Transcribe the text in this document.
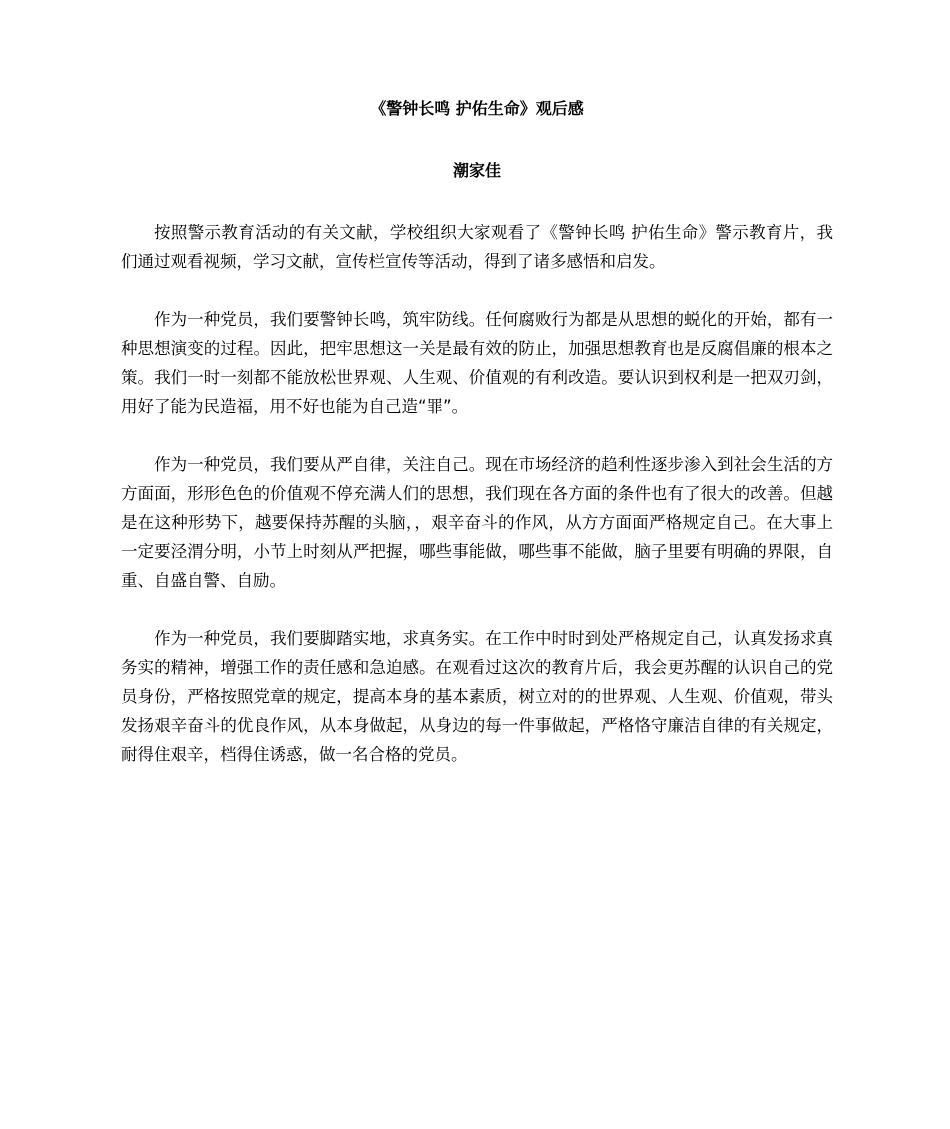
《警钟长鸣 护佑生命》观后感
潮家佳

按照警示教育活动的有关文献，学校组织大家观看了《警钟长鸣 护佑生命》警示教育片，我们通过观看视频，学习文献，宣传栏宣传等活动，得到了诸多感悟和启发。

作为一种党员，我们要警钟长鸣，筑牢防线。任何腐败行为都是从思想的蜕化的开始，都有一种思想演变的过程。因此，把牢思想这一关是最有效的防止，加强思想教育也是反腐倡廉的根本之策。我们一时一刻都不能放松世界观、人生观、价值观的有利改造。要认识到权利是一把双刃剑，用好了能为民造福，用不好也能为自己造“罪”。

作为一种党员，我们要从严自律，关注自己。现在市场经济的趋利性逐步渗入到社会生活的方方面面，形形色色的价值观不停充满人们的思想，我们现在各方面的条件也有了很大的改善。但越是在这种形势下，越要保持苏醒的头脑，，艰辛奋斗的作风，从方方面面严格规定自己。在大事上一定要泾渭分明，小节上时刻从严把握，哪些事能做，哪些事不能做，脑子里要有明确的界限，自重、自盛自警、自励。

作为一种党员，我们要脚踏实地，求真务实。在工作中时时到处严格规定自己，认真发扬求真务实的精神，增强工作的责任感和急迫感。在观看过这次的教育片后，我会更苏醒的认识自己的党员身份，严格按照党章的规定，提高本身的基本素质，树立对的的世界观、人生观、价值观，带头发扬艰辛奋斗的优良作风，从本身做起，从身边的每一件事做起，严格恪守廉洁自律的有关规定，耐得住艰辛，档得住诱惑，做一名合格的党员。
